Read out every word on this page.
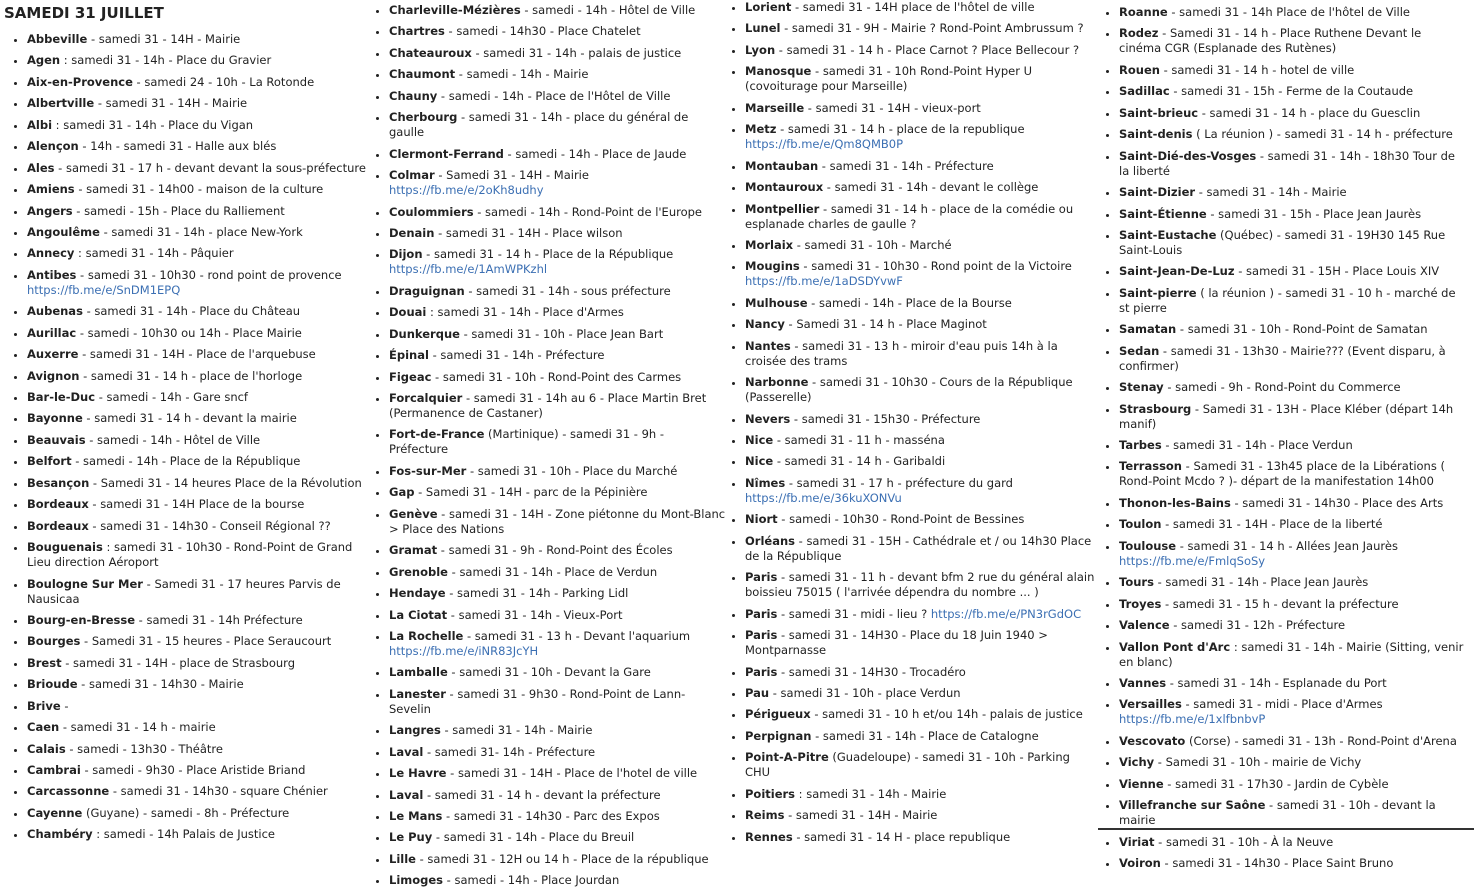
SAMEDI 31 JUILLET
• Abbeville - samedi 31 - 14H - Mairie
• Agen : samedi 31 - 14h - Place du Gravier
• Aix-en-Provence - samedi 24 - 10h - La Rotonde
• Albertville - samedi 31 - 14H - Mairie
• Albi : samedi 31 - 14h - Place du Vigan
• Alençon - 14h - samedi 31 - Halle aux blés
• Ales - samedi 31 - 17 h - devant devant la sous-préfecture
• Amiens - samedi 31 - 14h00 - maison de la culture
• Angers - samedi - 15h - Place du Ralliement
• Angoulême - samedi 31 - 14h - place New-York
• Annecy : samedi 31 - 14h - Pâquier
• Antibes - samedi 31 - 10h30 - rond point de provence https://fb.me/e/SnDM1EPQ
• Aubenas - samedi 31 - 14h - Place du Château
• Aurillac - samedi - 10h30 ou 14h - Place Mairie
• Auxerre - samedi 31 - 14H - Place de l'arquebuse
• Avignon - samedi 31 - 14 h - place de l'horloge
• Bar-le-Duc - samedi - 14h - Gare sncf
• Bayonne - samedi 31 - 14 h - devant la mairie
• Beauvais - samedi - 14h - Hôtel de Ville
• Belfort - samedi - 14h - Place de la République
• Besançon - Samedi 31 - 14 heures Place de la Révolution
• Bordeaux - samedi 31 - 14H Place de la bourse
• Bordeaux - samedi 31 - 14h30 - Conseil Régional ??
• Bouguenais : samedi 31 - 10h30 - Rond-Point de Grand Lieu direction Aéroport
• Boulogne Sur Mer - Samedi 31 - 17 heures Parvis de Nausicaa
• Bourg-en-Bresse - samedi 31 - 14h Préfecture
• Bourges - Samedi 31 - 15 heures - Place Seraucourt
• Brest - samedi 31 - 14H - place de Strasbourg
• Brioude - samedi 31 - 14h30 - Mairie
• Brive -
• Caen - samedi 31 - 14 h - mairie
• Calais - samedi - 13h30 - Théâtre
• Cambrai - samedi - 9h30 - Place Aristide Briand
• Carcassonne - samedi 31 - 14h30 - square Chénier
• Cayenne (Guyane) - samedi - 8h - Préfecture
• Chambéry : samedi - 14h Palais de Justice
• Charleville-Mézières - samedi - 14h - Hôtel de Ville
• Chartres - samedi - 14h30 - Place Chatelet
• Chateauroux - samedi 31 - 14h - palais de justice
• Chaumont - samedi - 14h - Mairie
• Chauny - samedi - 14h - Place de l'Hôtel de Ville
• Cherbourg - samedi 31 - 14h - place du général de gaulle
• Clermont-Ferrand - samedi - 14h - Place de Jaude
• Colmar - Samedi 31 - 14H - Mairie https://fb.me/e/2oKh8udhy
• Coulommiers - samedi - 14h - Rond-Point de l'Europe
• Denain - samedi 31 - 14H - Place wilson
• Dijon - samedi 31 - 14 h - Place de la République https://fb.me/e/1AmWPKzhl
• Draguignan - samedi 31 - 14h - sous préfecture
• Douai : samedi 31 - 14h - Place d'Armes
• Dunkerque - samedi 31 - 10h - Place Jean Bart
• Épinal - samedi 31 - 14h - Préfecture
• Figeac - samedi 31 - 10h - Rond-Point des Carmes
• Forcalquier - samedi 31 - 14h au 6 - Place Martin Bret (Permanence de Castaner)
• Fort-de-France (Martinique) - samedi 31 - 9h - Préfecture
• Fos-sur-Mer - samedi 31 - 10h - Place du Marché
• Gap - Samedi 31 - 14H - parc de la Pépinière
• Genève - samedi 31 - 14H - Zone piétonne du Mont-Blanc > Place des Nations
• Gramat - samedi 31 - 9h - Rond-Point des Écoles
• Grenoble - samedi 31 - 14h - Place de Verdun
• Hendaye - samedi 31 - 14h - Parking Lidl
• La Ciotat - samedi 31 - 14h - Vieux-Port
• La Rochelle - samedi 31 - 13 h - Devant l'aquarium https://fb.me/e/iNR83JcYH
• Lamballe - samedi 31 - 10h - Devant la Gare
• Lanester - samedi 31 - 9h30 - Rond-Point de Lann-Sevelin
• Langres - samedi 31 - 14h - Mairie
• Laval - samedi 31- 14h - Préfecture
• Le Havre - samedi 31 - 14H - Place de l'hotel de ville
• Laval - samedi 31 - 14 h - devant la préfecture
• Le Mans - samedi 31 - 14h30 - Parc des Expos
• Le Puy - samedi 31 - 14h - Place du Breuil
• Lille - samedi 31 - 12H ou 14 h - Place de la république
• Limoges - samedi - 14h - Place Jourdan
• Lorient - samedi 31 - 14H place de l'hôtel de ville
• Lunel - samedi 31 - 9H - Mairie ? Rond-Point Ambrussum ?
• Lyon - samedi 31 - 14 h - Place Carnot ? Place Bellecour ?
• Manosque - samedi 31 - 10h Rond-Point Hyper U (covoiturage pour Marseille)
• Marseille - samedi 31 - 14H - vieux-port
• Metz - samedi 31 - 14 h - place de la republique https://fb.me/e/Qm8QMB0P
• Montauban - samedi 31 - 14h - Préfecture
• Montauroux - samedi 31 - 14h - devant le collège
• Montpellier - samedi 31 - 14 h - place de la comédie ou esplanade charles de gaulle ?
• Morlaix - samedi 31 - 10h - Marché
• Mougins - samedi 31 - 10h30 - Rond point de la Victoire https://fb.me/e/1aDSDYvwF
• Mulhouse - samedi - 14h - Place de la Bourse
• Nancy - Samedi 31 - 14 h - Place Maginot
• Nantes - samedi 31 - 13 h - miroir d'eau puis 14h à la croisée des trams
• Narbonne - samedi 31 - 10h30 - Cours de la République (Passerelle)
• Nevers - samedi 31 - 15h30 - Préfecture
• Nice - samedi 31 - 11 h - masséna
• Nice - samedi 31 - 14 h - Garibaldi
• Nîmes - samedi 31 - 17 h - préfecture du gard https://fb.me/e/36kuXONVu
• Niort - samedi - 10h30 - Rond-Point de Bessines
• Orléans - samedi 31 - 15H - Cathédrale et / ou 14h30 Place de la République
• Paris - samedi 31 - 11 h - devant bfm 2 rue du général alain boissieu 75015 ( l'arrivée dépendra du nombre ... )
• Paris - samedi 31 - midi - lieu ? https://fb.me/e/PN3rGdOC
• Paris - samedi 31 - 14H30 - Place du 18 Juin 1940 > Montparnasse
• Paris - samedi 31 - 14H30 - Trocadéro
• Pau - samedi 31 - 10h - place Verdun
• Périgueux - samedi 31 - 10 h et/ou 14h - palais de justice
• Perpignan - samedi 31 - 14h - Place de Catalogne
• Point-A-Pitre (Guadeloupe) - samedi 31 - 10h - Parking CHU
• Poitiers : samedi 31 - 14h - Mairie
• Reims - samedi 31 - 14H - Mairie
• Rennes - samedi 31 - 14 H - place republique
• Roanne - samedi 31 - 14h Place de l'hôtel de Ville
• Rodez - Samedi 31 - 14 h - Place Ruthene Devant le cinéma CGR (Esplanade des Rutènes)
• Rouen - samedi 31 - 14 h - hotel de ville
• Sadillac - samedi 31 - 15h - Ferme de la Coutaude
• Saint-brieuc - samedi 31 - 14 h - place du Guesclin
• Saint-denis ( La réunion ) - samedi 31 - 14 h - préfecture
• Saint-Dié-des-Vosges - samedi 31 - 14h - 18h30 Tour de la liberté
• Saint-Dizier - samedi 31 - 14h - Mairie
• Saint-Étienne - samedi 31 - 15h - Place Jean Jaurès
• Saint-Eustache (Québec) - samedi 31 - 19H30 145 Rue Saint-Louis
• Saint-Jean-De-Luz - samedi 31 - 15H - Place Louis XIV
• Saint-pierre ( la réunion ) - samedi 31 - 10 h - marché de st pierre
• Samatan - samedi 31 - 10h - Rond-Point de Samatan
• Sedan - samedi 31 - 13h30 - Mairie??? (Event disparu, à confirmer)
• Stenay - samedi - 9h - Rond-Point du Commerce
• Strasbourg - Samedi 31 - 13H - Place Kléber (départ 14h manif)
• Tarbes - samedi 31 - 14h - Place Verdun
• Terrasson - Samedi 31 - 13h45 place de la Libérations ( Rond-Point Mcdo ? )- départ de la manifestation 14h00
• Thonon-les-Bains - samedi 31 - 14h30 - Place des Arts
• Toulon - samedi 31 - 14H - Place de la liberté
• Toulouse - samedi 31 - 14 h - Allées Jean Jaurès https://fb.me/e/FmlqSoSy
• Tours - samedi 31 - 14h - Place Jean Jaurès
• Troyes - samedi 31 - 15 h - devant la préfecture
• Valence - samedi 31 - 12h - Préfecture
• Vallon Pont d'Arc : samedi 31 - 14h - Mairie (Sitting, venir en blanc)
• Vannes - samedi 31 - 14h - Esplanade du Port
• Versailles - samedi 31 - midi - Place d'Armes https://fb.me/e/1xlfbnbvP
• Vescovato (Corse) - samedi 31 - 13h - Rond-Point d'Arena
• Vichy - Samedi 31 - 10h - mairie de Vichy
• Vienne - samedi 31 - 17h30 - Jardin de Cybèle
• Villefranche sur Saône - samedi 31 - 10h - devant la mairie
• Viriat - samedi 31 - 10h - À la Neuve
• Voiron - samedi 31 - 14h30 - Place Saint Bruno
